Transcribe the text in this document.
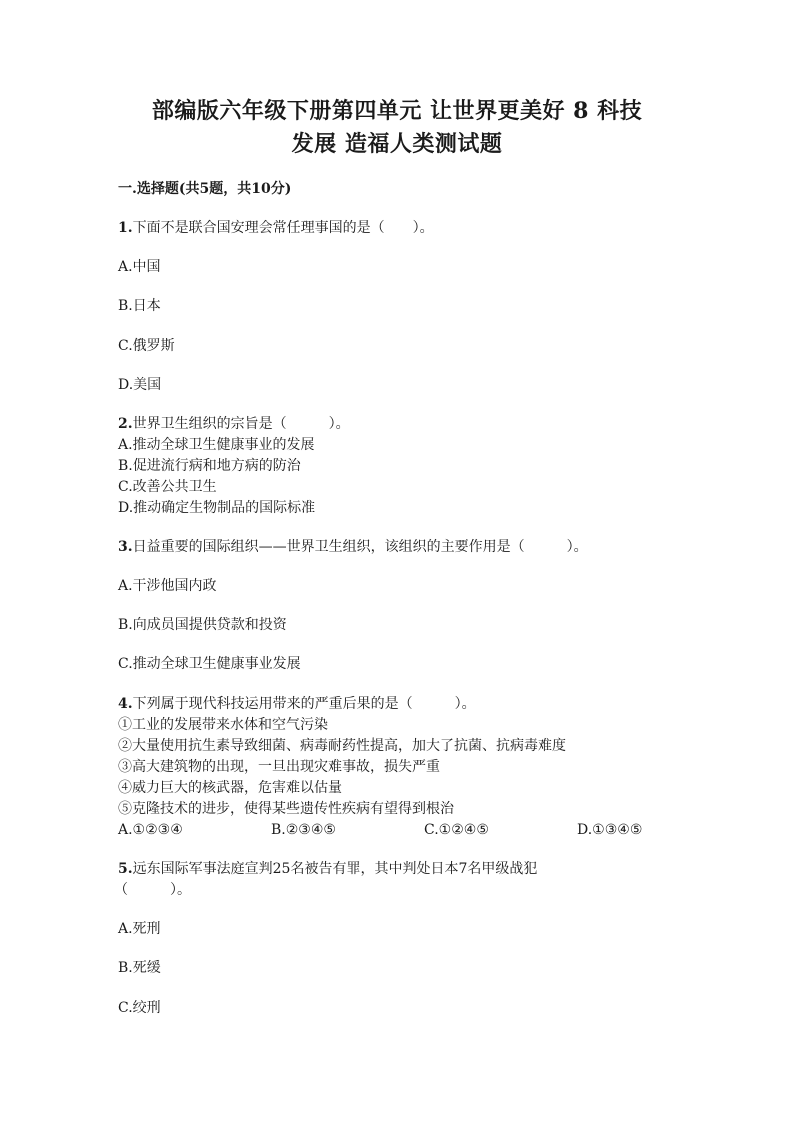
部编版六年级下册第四单元 让世界更美好 8 科技
发展 造福人类测试题
一.选择题(共5题，共10分)
1.下面不是联合国安理会常任理事国的是（　　）。
A.中国
B.日本
C.俄罗斯
D.美国
2.世界卫生组织的宗旨是（　　　）。
A.推动全球卫生健康事业的发展
B.促进流行病和地方病的防治
C.改善公共卫生
D.推动确定生物制品的国际标准
3.日益重要的国际组织——世界卫生组织，该组织的主要作用是（　　　）。
A.干涉他国内政
B.向成员国提供贷款和投资
C.推动全球卫生健康事业发展
4.下列属于现代科技运用带来的严重后果的是（　　　）。
①工业的发展带来水体和空气污染
②大量使用抗生素导致细菌、病毒耐药性提高，加大了抗菌、抗病毒难度
③高大建筑物的出现，一旦出现灾难事故，损失严重
④威力巨大的核武器，危害难以估量
⑤克隆技术的进步，使得某些遗传性疾病有望得到根治
A.①②③④	B.②③④⑤	C.①②④⑤	D.①③④⑤
5.远东国际军事法庭宣判25名被告有罪，其中判处日本7名甲级战犯
（　　　）。
A.死刑
B.死缓
C.绞刑
